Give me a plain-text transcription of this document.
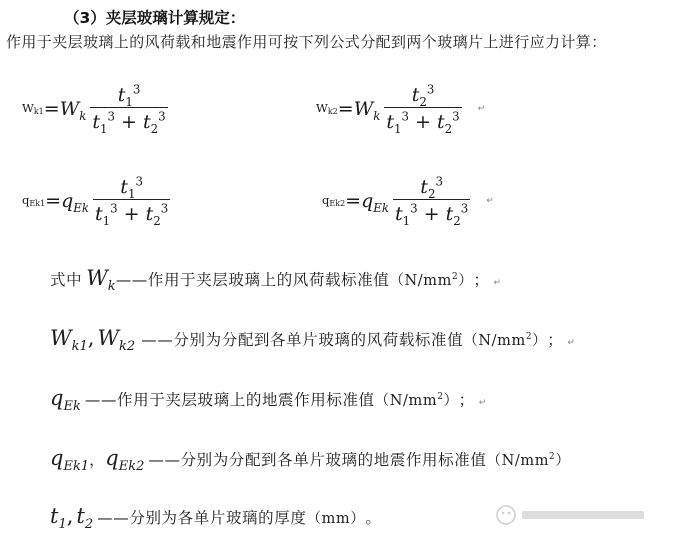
（3）夹层玻璃计算规定：
作用于夹层玻璃上的风荷载和地震作用可按下列公式分配到两个玻璃片上进行应力计算：
$W_{k1} = W_k \frac{t_1^3}{t_1^3 + t_2^3}$	$W_{k2} = W_k \frac{t_2^3}{t_1^3 + t_2^3}$ ↵
$q_{Ek1} = q_{Ek} \frac{t_1^3}{t_1^3 + t_2^3}$	$q_{Ek2} = q_{Ek} \frac{t_2^3}{t_1^3 + t_2^3}$ ↵
式中 $W_k$ ——作用于夹层玻璃上的风荷载标准值 $(N/mm^2)$ ； ↵
$W_{k1}$ , $W_{k2}$ ——分别为分配到各单片玻璃的风荷载标准值 $(N/mm^2)$ ； ↵
$q_{Ek}$ ——作用于夹层玻璃上的地震作用标准值 $(N/mm^2)$ ； ↵
$q_{Ek1}$ ， $q_{Ek2}$ ——分别为分配到各单片玻璃的地震作用标准值 $(N/mm^2)$
$t_1$ , $t_2$ ——分别为各单片玻璃的厚度 （mm） 。
